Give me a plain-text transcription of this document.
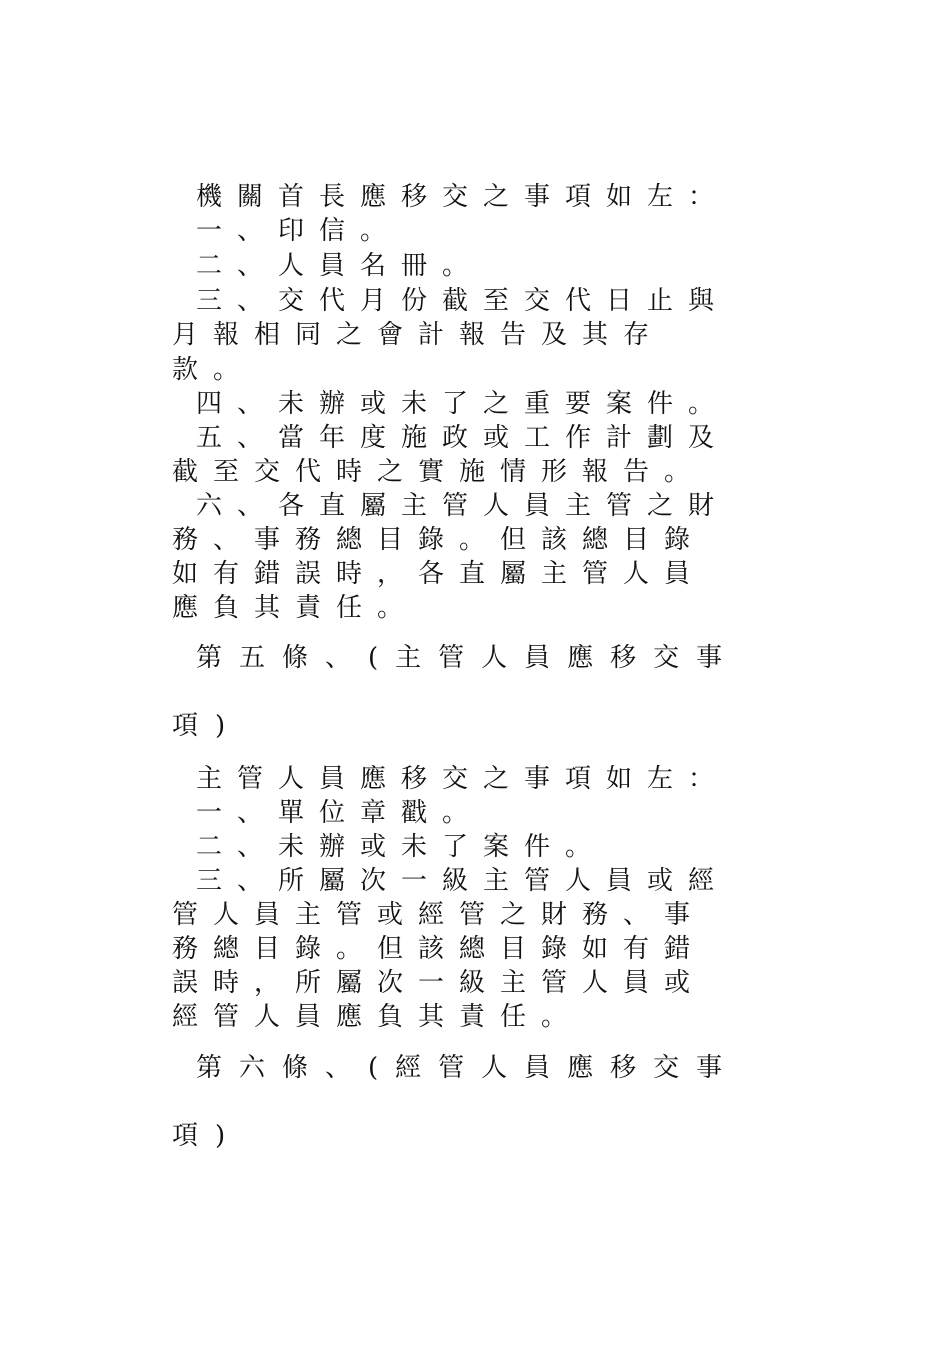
機關首長應移交之事項如左：
一、印信。
二、人員名冊。
三、交代月份截至交代日止與
月報相同之會計報告及其存
款。
四、未辦或未了之重要案件。
五、當年度施政或工作計劃及
截至交代時之實施情形報告。
六、各直屬主管人員主管之財
務、事務總目錄。但該總目錄
如有錯誤時，各直屬主管人員
應負其責任。
第五條、(主管人員應移交事
項)
主管人員應移交之事項如左：
一、單位章戳。
二、未辦或未了案件。
三、所屬次一級主管人員或經
管人員主管或經管之財務、事
務總目錄。但該總目錄如有錯
誤時，所屬次一級主管人員或
經管人員應負其責任。
第六條、(經管人員應移交事
項)
